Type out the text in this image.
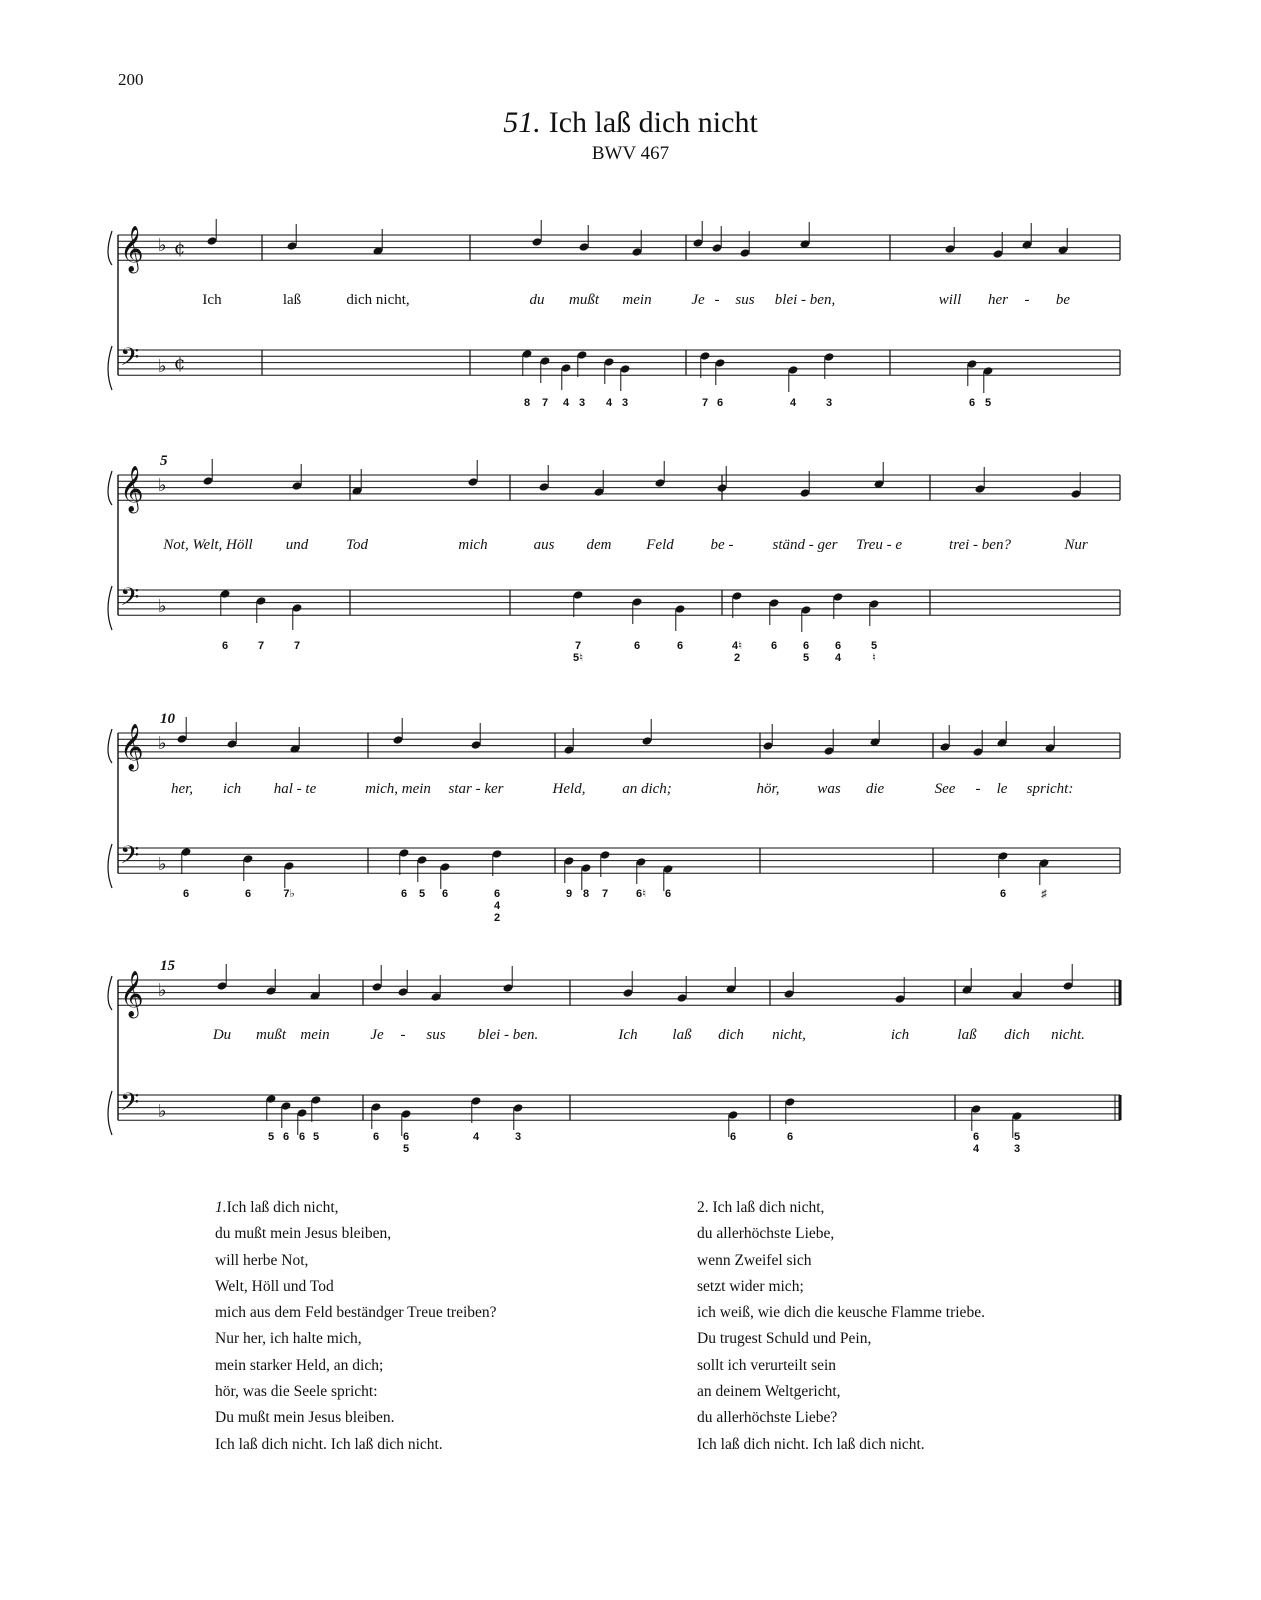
200
51. Ich laß dich nicht
BWV 467
𝄞 ♭ ¢
𝄢 ♭ ¢
Ich	laß	dich nicht,	du mußt mein	Je - sus blei - ben,	will her - be
8 7 4 3 4 3	7 6	4	3	6 5
𝄞 ♭
𝄢 ♭
5
Not, Welt, Höll und	Tod	mich	aus dem Feld be -	ständ - ger Treu - e	trei - ben?	Nur
6	7	7	7
5♮
6	6	4♮
2
6 6
5
6
4
5
♮
𝄞 ♭
𝄢 ♭
10
her, ich hal - te	mich, mein star - ker	Held, an dich;	hör,	was die	See - le spricht:
6	6	7♭	6 5 6	6
4
2
9 8 7	6♮ 6	6	♯
𝄞 ♭
𝄢 ♭
15
Du mußt mein	Je - sus blei - ben.	Ich laß dich nicht,	ich	laß dich nicht.
5 6 6 5	6 6
5
4	3	6	6	6
4
5
3
1.Ich laß dich nicht,
du mußt mein Jesus bleiben,
will herbe Not,
Welt, Höll und Tod
mich aus dem Feld beständger Treue treiben?
Nur her, ich halte mich,
mein starker Held, an dich;
hör, was die Seele spricht:
Du mußt mein Jesus bleiben.
Ich laß dich nicht. Ich laß dich nicht.
2. Ich laß dich nicht,
du allerhöchste Liebe,
wenn Zweifel sich
setzt wider mich;
ich weiß, wie dich die keusche Flamme triebe.
Du trugest Schuld und Pein,
sollt ich verurteilt sein
an deinem Weltgericht,
du allerhöchste Liebe?
Ich laß dich nicht. Ich laß dich nicht.
